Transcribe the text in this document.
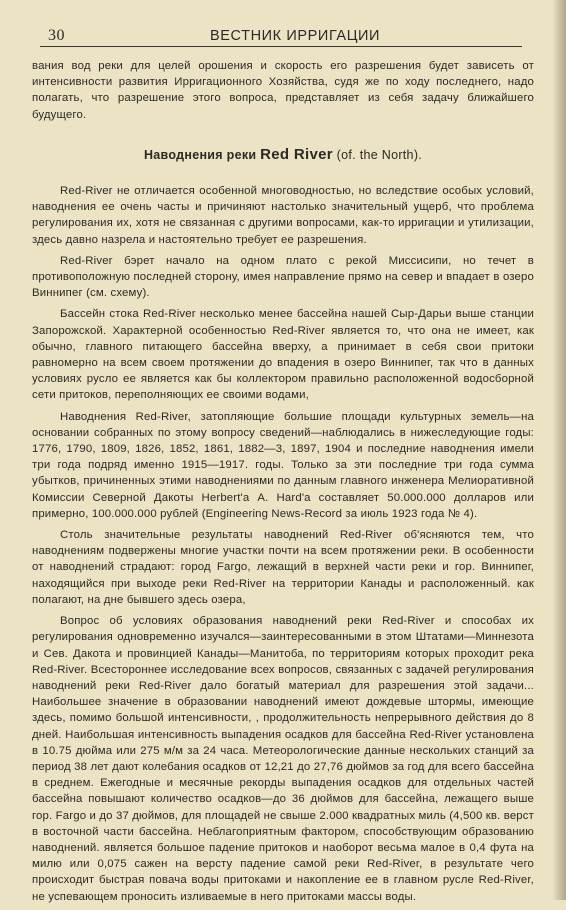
30	ВЕСТНИК ИРРИГАЦИИ

вания вод реки для целей орошения и скорость его разрешения будет зависеть от интенсивности развития Ирригационного Хозяйства, судя же по ходу последнего, надо полагать, что разрешение этого вопроса, представляет из себя задачу ближайшего будущего.

Наводнения реки Red River (of. the North).

Red-River не отличается особенной многоводностью, но вследствие особых условий, наводнения ее очень часты и причиняют настолько значительный ущерб, что проблема регулирования их, хотя не связанная с другими вопросами, как-то ирригации и утилизации, здесь давно назрела и настоятельно требует ее разрешения.

Red-River бэрет начало на одном плато с рекой Миссисипи, но течет в противоположную последней сторону, имея направление прямо на север и впадает в озеро Виннипег (см. схему).

Бассейн стока Red-River несколько менее бассейна нашей Сыр-Дарьи выше станции Запорожской. Характерной особенностью Red-River является то, что она не имеет, как обычно, главного питающего бассейна вверху, а принимает в себя свои притоки равномерно на всем своем протяжении до впадения в озеро Виннипег, так что в данных условиях русло ее является как бы коллектором правильно расположенной водосборной сети притоков, переполняющих ее своими водами,

Наводнения Red-River, затопляющие большие площади культурных земель—на основании собранных по этому вопросу сведений—наблюдались в нижеследующие годы: 1776, 1790, 1809, 1826, 1852, 1861, 1882—3, 1897, 1904 и последние наводнения имели три года подряд именно 1915—1917. годы. Только за эти последние три года сумма убытков, причиненных этими наводнениями по данным главного инженера Мелиоративной Комиссии Северной Дакоты Herbert'а А. Hard'а составляет 50.000.000 долларов или примерно, 100.000.000 рублей (Engineering News-Record за июль 1923 года № 4).

Столь значительные результаты наводнений Red-River об'ясняются тем, что наводнениям подвержены многие участки почти на всем протяжении реки. В особенности от наводнений страдают: город Fargo, лежащий в верхней части реки и гор. Виннипег, находящийся при выходе реки Red-River на территории Канады и расположенный. как полагают, на дне бывшего здесь озера,

Вопрос об условиях образования наводнений реки Red-River и способах их регулирования одновременно изучался—заинтересованными в этом Штатами—Миннезота и Сев. Дакота и провинцией Канады—Манитоба, по территориям которых проходит река Red-River. Всестороннее исследование всех вопросов, связанных с задачей регулирования наводнений реки Red-River дало богатый материал для разрешения этой задачи... Наибольшее значение в образовании наводнений имеют дождевые штормы, имеющие здесь, помимо большой интенсивности, , продолжительность непрерывного действия до 8 дней. Наибольшая интенсивность выпадения осадков для бассейна Red-River установлена в 10.75 дюйма или 275 м/м за 24 часа. Метеорологические данные нескольких станций за период 38 лет дают колебания осадков от 12,21 до 27,76 дюймов за год для всего бассейна в среднем. Ежегодные и месячные рекорды выпадения осадков для отдельных частей бассейна повышают количество осадков—до 36 дюймов для бассейна, лежащего выше гор. Fargo и до 37 дюймов, для площадей не свыше 2.000 квадратных миль (4,500 кв. верст в восточной части бассейна. Неблагоприятным фактором, способствующим образованию наводнений. является большое падение притоков и наоборот весьма малое в 0,4 фута на милю или 0,075 сажен на версту падение самой реки Red-River, в результате чего происходит быстрая повача воды притоками и накопление ее в главном русле Red-River, не успевающем проносить изливаемые в него притоками массы воды.
